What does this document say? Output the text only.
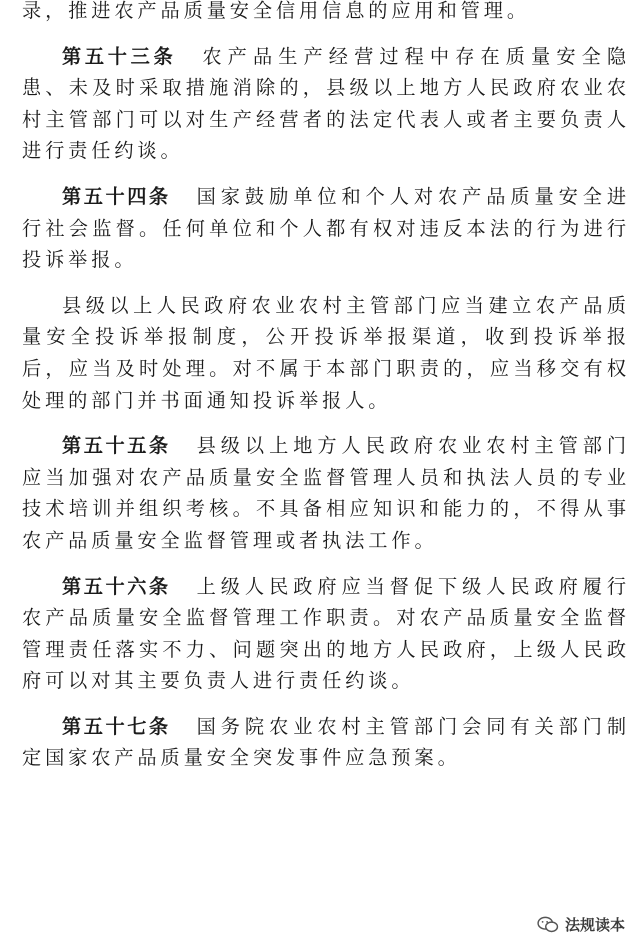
录，推进农产品质量安全信用信息的应用和管理。

第五十三条 农产品生产经营过程中存在质量安全隐患、未及时采取措施消除的，县级以上地方人民政府农业农村主管部门可以对生产经营者的法定代表人或者主要负责人进行责任约谈。

第五十四条 国家鼓励单位和个人对农产品质量安全进行社会监督。任何单位和个人都有权对违反本法的行为进行投诉举报。

县级以上人民政府农业农村主管部门应当建立农产品质量安全投诉举报制度，公开投诉举报渠道，收到投诉举报后，应当及时处理。对不属于本部门职责的，应当移交有权处理的部门并书面通知投诉举报人。

第五十五条 县级以上地方人民政府农业农村主管部门应当加强对农产品质量安全监督管理人员和执法人员的专业技术培训并组织考核。不具备相应知识和能力的，不得从事农产品质量安全监督管理或者执法工作。

第五十六条 上级人民政府应当督促下级人民政府履行农产品质量安全监督管理工作职责。对农产品质量安全监督管理责任落实不力、问题突出的地方人民政府，上级人民政府可以对其主要负责人进行责任约谈。

第五十七条 国务院农业农村主管部门会同有关部门制定国家农产品质量安全突发事件应急预案。

法规读本
